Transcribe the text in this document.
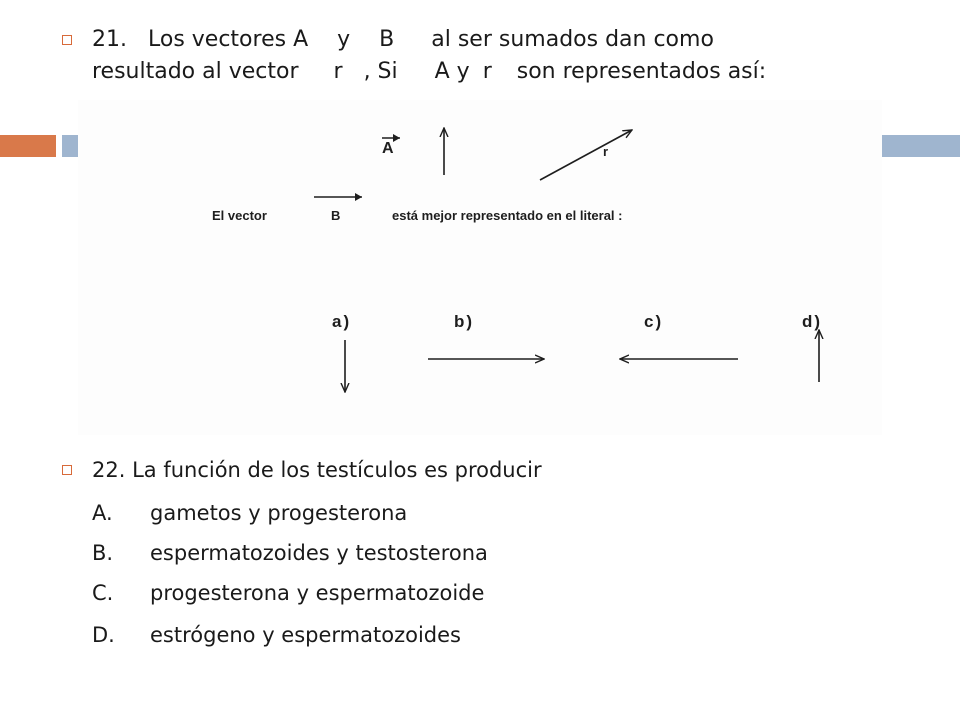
21. Los vectores A y B al ser sumados dan como
resultado al vector r , Si A y r son representados así:
A	r
El vector	B	está mejor representado en el literal :
a)	b)	c)	d)
22. La función de los testículos es producir
A. gametos y progesterona
B. espermatozoides y testosterona
C. progesterona y espermatozoide
D. estrógeno y espermatozoides
